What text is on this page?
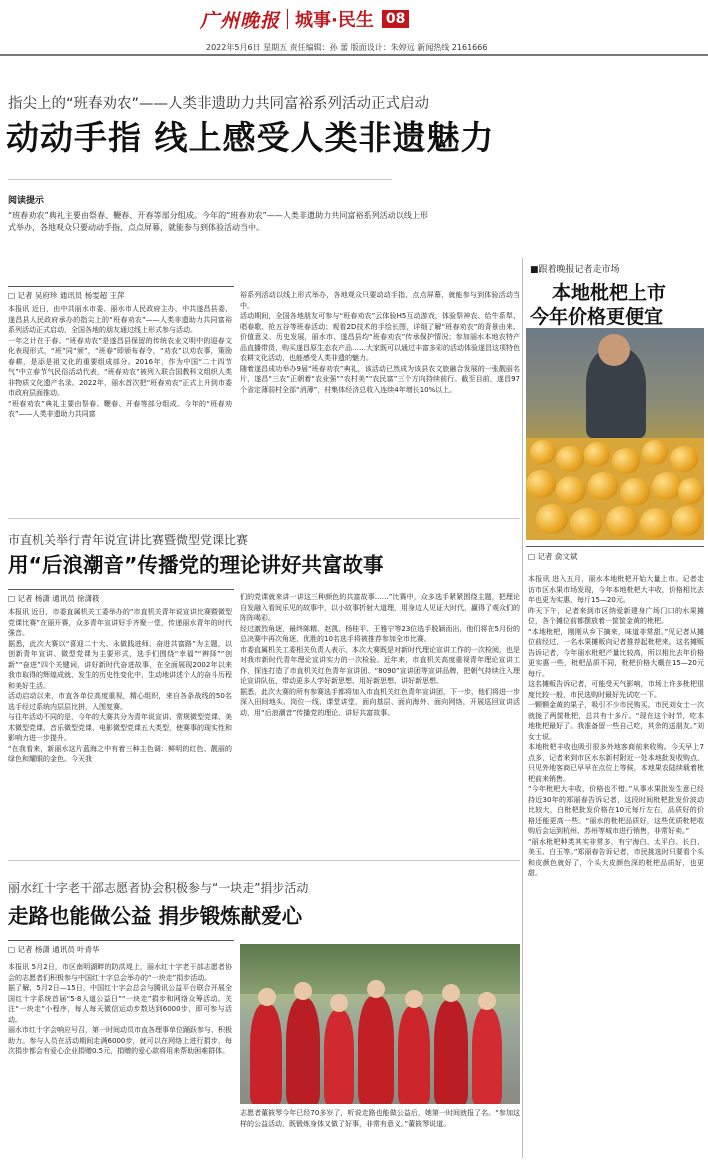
广州晚报 城事·民生 08
2022年5月6日 星期五 责任编辑：孙 蕾 版面设计：朱婷远 新闻热线 2161666
指尖上的“班春劝农”——人类非遗助力共同富裕系列活动正式启动
动动手指 线上感受人类非遗魅力
阅读提示
“班春劝农”典礼主要由祭春、鞭春、开春等部分组成。今年的“班春劝农”——人类非遗助力共同富裕系列活动以线上形式举办，各地观众只要动动手指、点点屏幕，就能参与到体验活动当中。
□ 记者 吴府珍 通讯员 杨雯超 王萍
本报讯 近日，由中共丽水市委、丽水市人民政府主办，中共遂昌县委、遂昌县人民政府承办的指尖上的“班春劝农”——人类非遗助力共同富裕系列活动正式启动，全国各地的朋友通过线上形式参与活动。
一年之计在于春。“班春劝农”是遂昌县保留的传统农业文明中的迎春文化表现形式，“班”同“颁”，“班春”即颁布春令，“劝农”以劝农事，策励春耕，是添是祖文化的重要组成部分。2016年，作为中国“二十四节气”中立春节气民俗活动代表，“班春劝农”被列入联合国教科文组织人类非物质文化遗产名录。2022年，丽水首次把“班春劝农”正式上升到市委市政府层面推动。
“班春劝农”典礼主要由祭春、鞭春、开春等部分组成。今年的“班春劝农”——人类非遗助力共同富
裕系列活动以线上形式举办，各地观众只要动动手指、点点屏幕，就能参与到体验活动当中。
活动期间，全国各地朋友可参与“班春劝农”云体验H5互动游戏，体验祭神农、给牛系犁、唱春歌、抢五谷等班春活动；观看2D技术的手绘长图，详细了解“班春劝农”的背景由来、价值意义、历史发展，丽水市、遂昌县均“班春劝农”传承保护情况；参加丽水本地农特产品直播带货，购买遂昌原生态农产品……大家既可以通过丰富多彩的活动体验遂昌这项特色农耕文化活动，也能感受人类非遗的魅力。
随着遂昌成功举办9届“班春劝农”典礼，该活动已然成为该县农文旅融合发展的一张靓丽名片，遂昌“三农”正朝着“农业强”“农村美”“农民富”三个方向持续前行。截至目前，遂昌97个省定薄弱村全部“消薄”，村集体经济总收入连续4年增长10%以上。
■跟着晚报记者走市场
本地枇杷上市
今年价格更便宜
□ 记者 俞文斌
本报讯 进入五月，丽水本地枇杷开始大量上市。记者走访市区水果市场发现，今年本地枇杷大丰收，价格相比去年也更为实惠，每斤15—20元。
昨天下午，记者来到市区纳爱新建身广场门口的水果摊位，各个摊位前都摆放着一筐筐金黄的枇杷。
“本地枇杷，刚刚从乡下摘来，味道非常甜。”见记者从摊位前经过，一名水果摊贩向记者推荐起枇杷来。这名摊贩告诉记者，今年丽水枇杷产量比较高，所以相比去年价格更实惠一些，枇杷品质不同，枇杷价格大概在15—20元每斤。
这名摊贩告诉记者，可能受天气影响，市场上许多枇杷很度比较一般，市民选购时最好先试吃一下。
一颗颗金黄的果子，吸引不少市民购买。市民刘女士一次就拢了两筐枇杷，总共有十多斤。“现在这个时节，吃本地枇杷最好了。我准备留一些自己吃，其余的送朋友。”刘女士说。
本地枇杷丰收也吸引很多外地客商前来收购。今天早上7点多，记者来到市区水东新村附近一处本地批发收购点，只见外地客商已早早在点位上等候，本地果农陆续载着枇杷前来销售。
“今年枇杷大丰收，价格也不错。”从事水果批发生意已经持近30年的郑丽春告诉记者，这段时间枇杷批发价波动比较大，白枇杷批发价格在10元每斤左右，品质好的价格还能更高一些。“丽水的枇杷品质好，这些优质枇杷收购后会运到杭州、苏州等城市进行销售，非常好卖。”
“丽水枇杷种类其实非常多，有宁海白、太平白、长白、美玉、白玉等。”郑丽春告诉记者，市民挑选时只要看个头和皮颜色就好了，个头大皮颜色深的枇杷品质好，也更甜。
市直机关举行青年说宣讲比赛暨微型党课比赛
用“后浪潮音”传播党的理论讲好共富故事
□ 记者 杨潇 通讯员 徐潇筱
本报讯 近日，市委直属机关工委举办的“市直机关青年说宣讲比赛暨微型党课比赛”在丽开赛，众多青年宣讲好手齐聚一堂，传递丽水青年的时代强音。
据悉，此次大赛以“喜迎二十大、永做践进师、奋进共富路”为主题，以创新青年宣讲、微型党课为主要形式，选手们围绕“幸福”“辨择”“创新”“奋进”四个关键词，讲好新时代奋进故事，在全面展现2002年以来我市取得的辉煌成就、发生的历史性变化中，生动地讲述个人的奋斗历程和美好生活。
活动启动以来，市直各单位高度重视，精心组织，来自各条战线的50名选手经过系统内层层比拼，入围复赛。
与往年活动不同的是，今年的大赛共分为青年说宣讲、常规微型党课、美术微型党课、音乐微型党课、电影微型党课五大类型，使赛事的现实性和影响力进一步提升。
“在我看来，新丽水这片蓝海之中有着三种主色调：鲜明的红色、靓丽的绿色和耀眼的金色。今天我
们的党课就来讲一讲这三种颜色的共富故事……”比赛中，众多选手紧紧围绕主题，把理论自发融入看间乐见的故事中，以小故事折射大道理，用身边人见证大时代，赢得了观众们的阵阵喝彩。
经过激烈角逐，最终陈精、赵凯、杨桂平、王雅宁等23位选手脱颖而出，他们将在5月份的总决赛中再次角逐，优胜的10名选手将被推荐参加全市比赛。
市委直属机关工委相关负责人表示，本次大赛既是对新时代理论宣讲工作的一次检阅，也是对我市新时代青年理论宣讲实力的一次检验。近年来，市直机关高度重视青年理论宣讲工作，探连打造了市直机关红色青年宣讲团、“8090”宣讲团等宣讲品牌，把朝气持续注入理论宣讲队伍，带动更多人学好新思想、用好新思想、讲好新思想。
据悉，此次大赛的所有参赛选手都将加入市直机关红色青年宣讲团，下一步，他们将进一步深入田间地头、岗位一线、课堂讲堂，面向基层、面向海外、面向网络，开展巡回宣讲活动，用“后浪潮音”传播党的理论、讲好共富故事。
丽水红十字老干部志愿者协会积极参与“一块走”捐步活动
走路也能做公益 捐步锻炼献爱心
□ 记者 杨潇 通讯员 叶青华
本报讯 5月2日，市区南明湖畔的防洪堤上，丽水红十字老干部志愿者协会的志愿者们积极参与中国红十字总会举办的“一块走”捐步活动。
据了解，5月2日—15日，中国红十字会总会与腾讯公益平台联合开展全国红十字系统首届“5·8人道公益日”“一块走”捐步和网络众筹活动。关注“一块走”小程序，每人每天微信运动步数达到6000步，即可参与活动。
丽水市红十字会响应号召，第一时间动员市直各理事单位踊跃参与、积极助力。参与人员在活动期间走满6000步，就可以在网络上进行捐步，每次捐步都会有爱心企业捐赠0.5元，捐赠的爱心款将用来帮助困难群体。
志愿者董筱琴今年已经70多岁了，听说走路也能做公益后，她第一时间就报了名。“参加这样的公益活动，既锻炼身体又做了好事，非常有意义。”董筱琴说道。
